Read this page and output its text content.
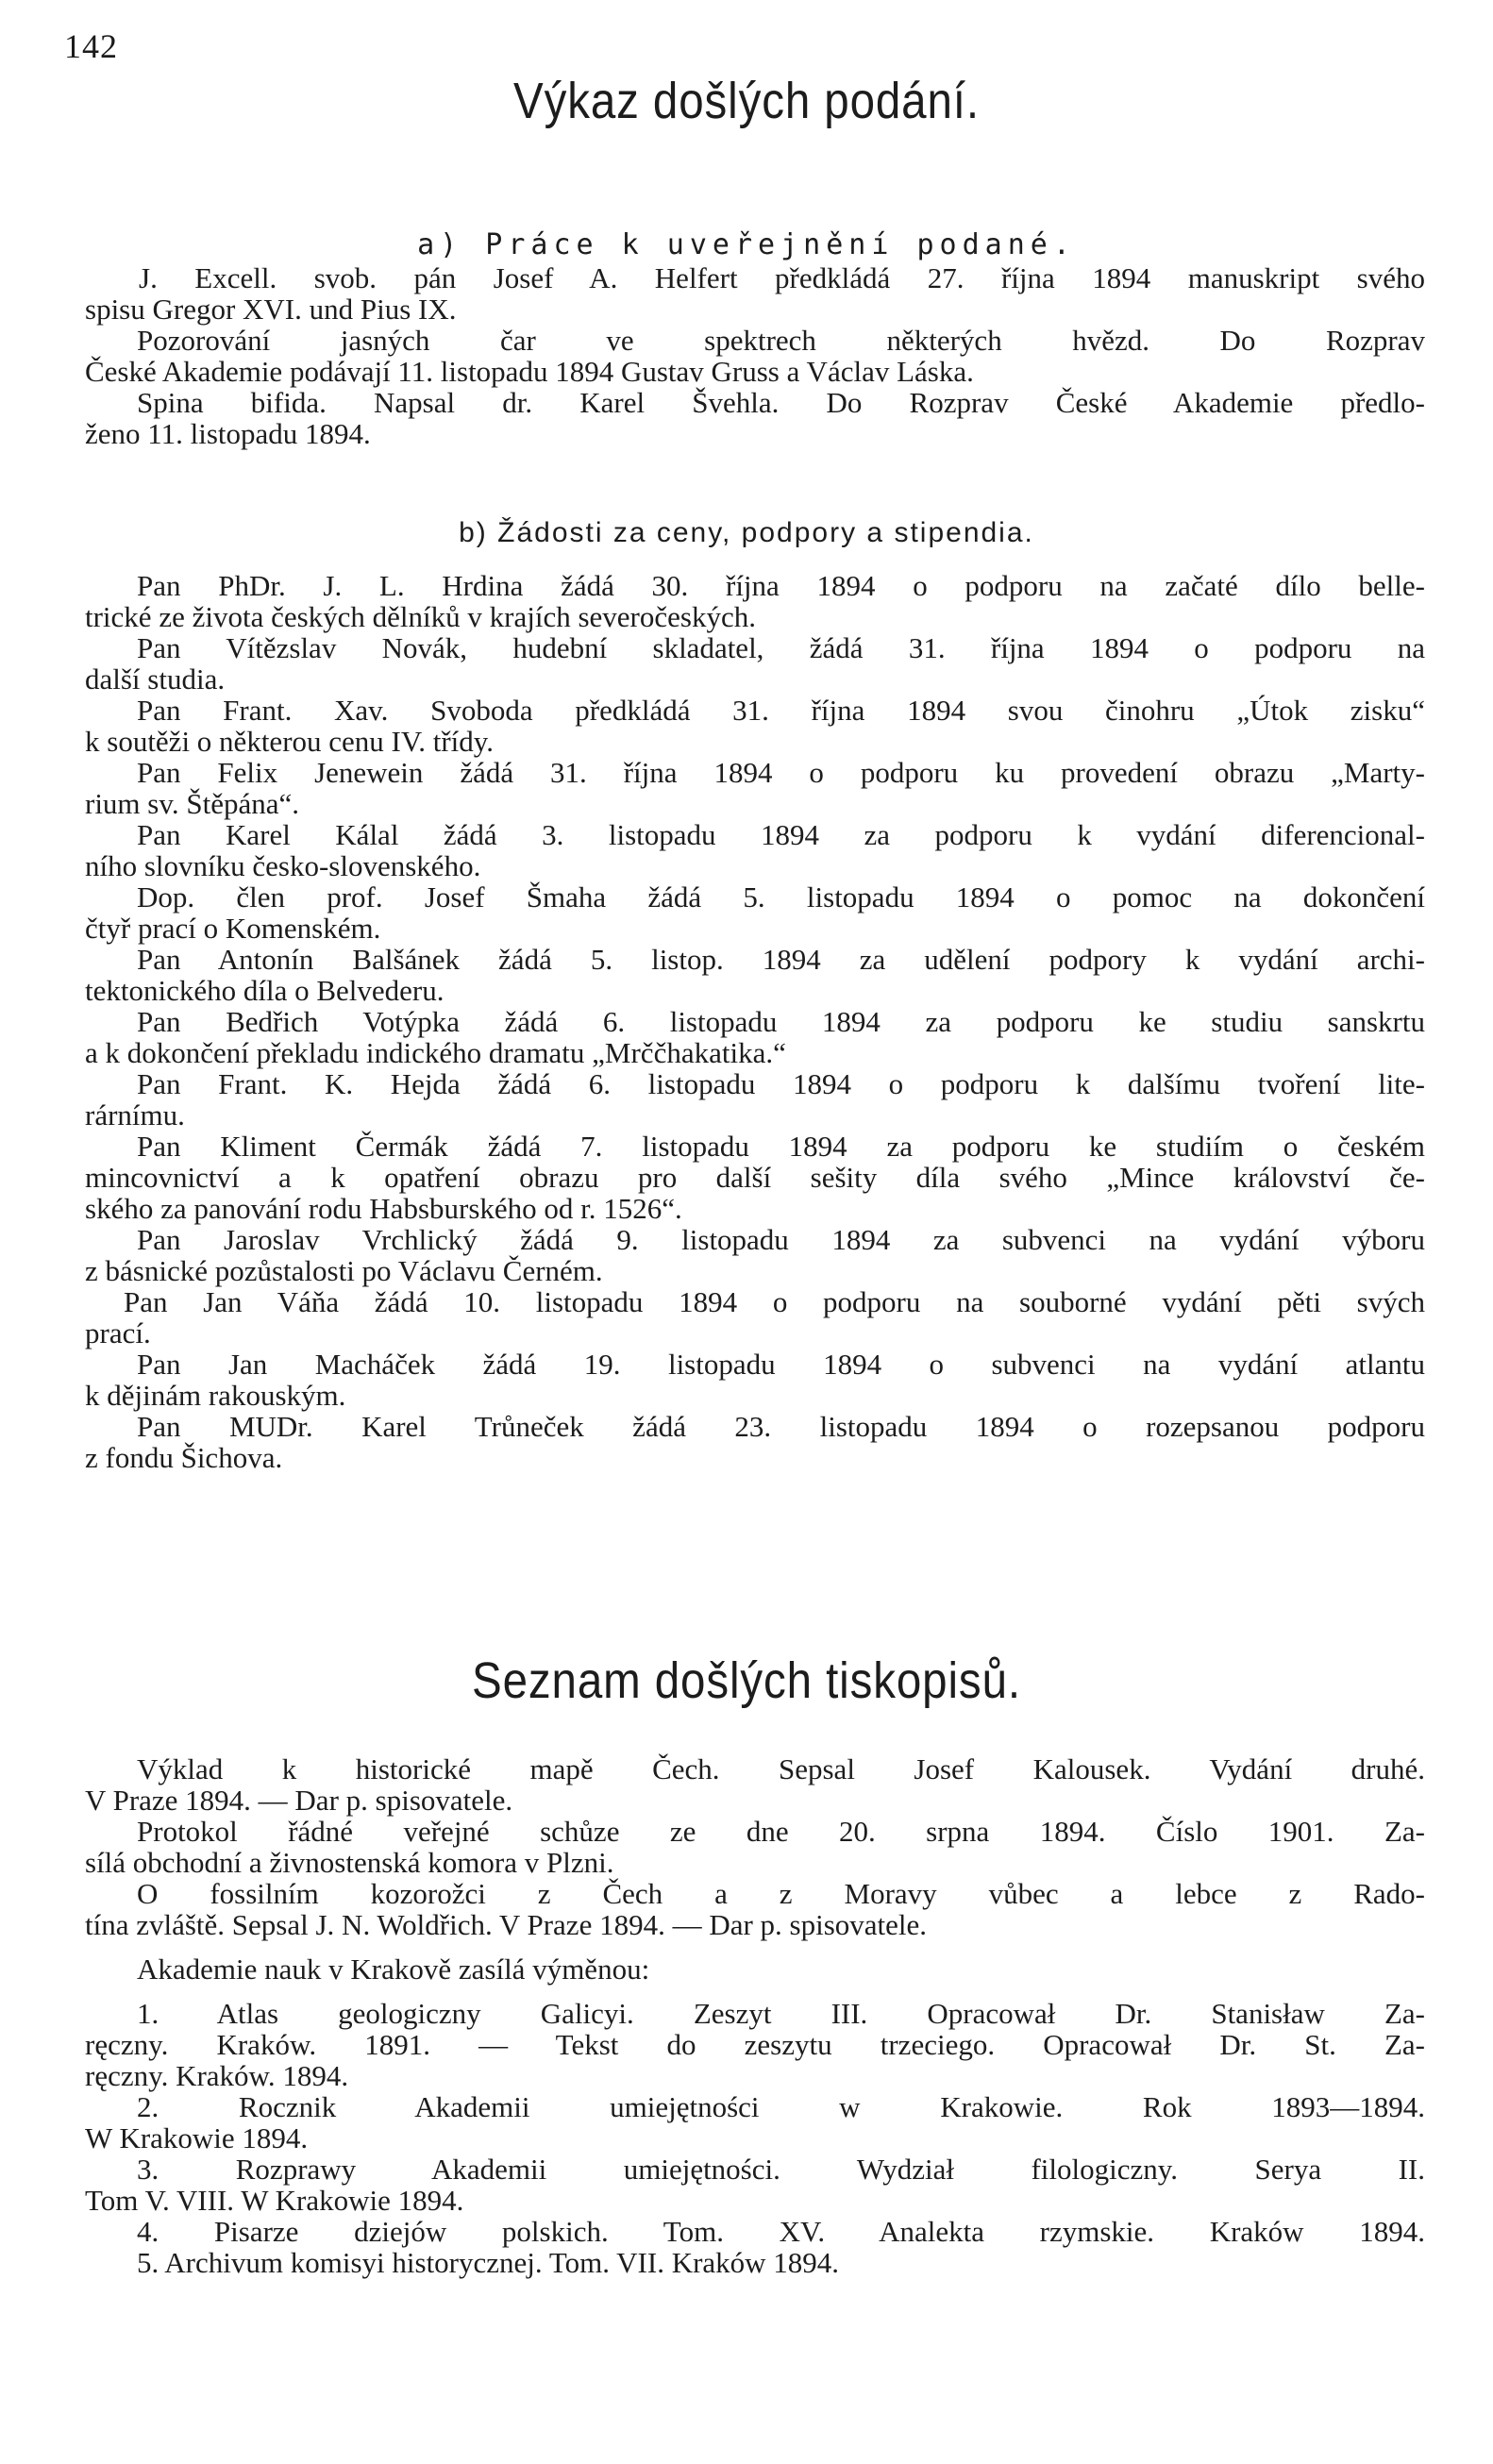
142
Výkaz došlých podání.
a) Práce k uveřejnění podané.
J. Excell. svob. pán Josef A. Helfert předkládá 27. října 1894 manuskript svého
spisu Gregor XVI. und Pius IX.
Pozorování jasných čar ve spektrech některých hvězd. Do Rozprav
České Akademie podávají 11. listopadu 1894 Gustav Gruss a Václav Láska.
Spina bifida. Napsal dr. Karel Švehla. Do Rozprav České Akademie předlo-
ženo 11. listopadu 1894.
b) Žádosti za ceny, podpory a stipendia.
Pan PhDr. J. L. Hrdina žádá 30. října 1894 o podporu na začaté dílo belle-
trické ze života českých dělníků v krajích severočeských.
Pan Vítězslav Novák, hudební skladatel, žádá 31. října 1894 o podporu na
další studia.
Pan Frant. Xav. Svoboda předkládá 31. října 1894 svou činohru „Útok zisku“
k soutěži o některou cenu IV. třídy.
Pan Felix Jenewein žádá 31. října 1894 o podporu ku provedení obrazu „Marty-
rium sv. Štěpána“.
Pan Karel Kálal žádá 3. listopadu 1894 za podporu k vydání diferencional-
ního slovníku česko-slovenského.
Dop. člen prof. Josef Šmaha žádá 5. listopadu 1894 o pomoc na dokončení
čtyř prací o Komenském.
Pan Antonín Balšánek žádá 5. listop. 1894 za udělení podpory k vydání archi-
tektonického díla o Belvederu.
Pan Bedřich Votýpka žádá 6. listopadu 1894 za podporu ke studiu sanskrtu
a k dokončení překladu indického dramatu „Mrččhakatika.“
Pan Frant. K. Hejda žádá 6. listopadu 1894 o podporu k dalšímu tvoření lite-
rárnímu.
Pan Kliment Čermák žádá 7. listopadu 1894 za podporu ke studiím o českém
mincovnictví a k opatření obrazu pro další sešity díla svého „Mince království če-
ského za panování rodu Habsburského od r. 1526“.
Pan Jaroslav Vrchlický žádá 9. listopadu 1894 za subvenci na vydání výboru
z básnické pozůstalosti po Václavu Černém.
Pan Jan Váňa žádá 10. listopadu 1894 o podporu na souborné vydání pěti svých
prací.
Pan Jan Macháček žádá 19. listopadu 1894 o subvenci na vydání atlantu
k dějinám rakouským.
Pan MUDr. Karel Trůneček žádá 23. listopadu 1894 o rozepsanou podporu
z fondu Šichova.
Seznam došlých tiskopisů.
Výklad k historické mapě Čech. Sepsal Josef Kalousek. Vydání druhé.
V Praze 1894. — Dar p. spisovatele.
Protokol řádné veřejné schůze ze dne 20. srpna 1894. Číslo 1901. Za-
sílá obchodní a živnostenská komora v Plzni.
O fossilním kozorožci z Čech a z Moravy vůbec a lebce z Rado-
tína zvláště. Sepsal J. N. Woldřich. V Praze 1894. — Dar p. spisovatele.
Akademie nauk v Krakově zasílá výměnou:
1. Atlas geologiczny Galicyi. Zeszyt III. Opracował Dr. Stanisław Za-
ręczny. Kraków. 1891. — Tekst do zeszytu trzeciego. Opracował Dr. St. Za-
ręczny. Kraków. 1894.
2. Rocznik Akademii umiejętności w Krakowie. Rok 1893—1894.
W Krakowie 1894.
3. Rozprawy Akademii umiejętności. Wydział filologiczny. Serya II.
Tom V. VIII. W Krakowie 1894.
4. Pisarze dziejów polskich. Tom. XV. Analekta rzymskie. Kraków 1894.
5. Archivum komisyi historycznej. Tom. VII. Kraków 1894.
